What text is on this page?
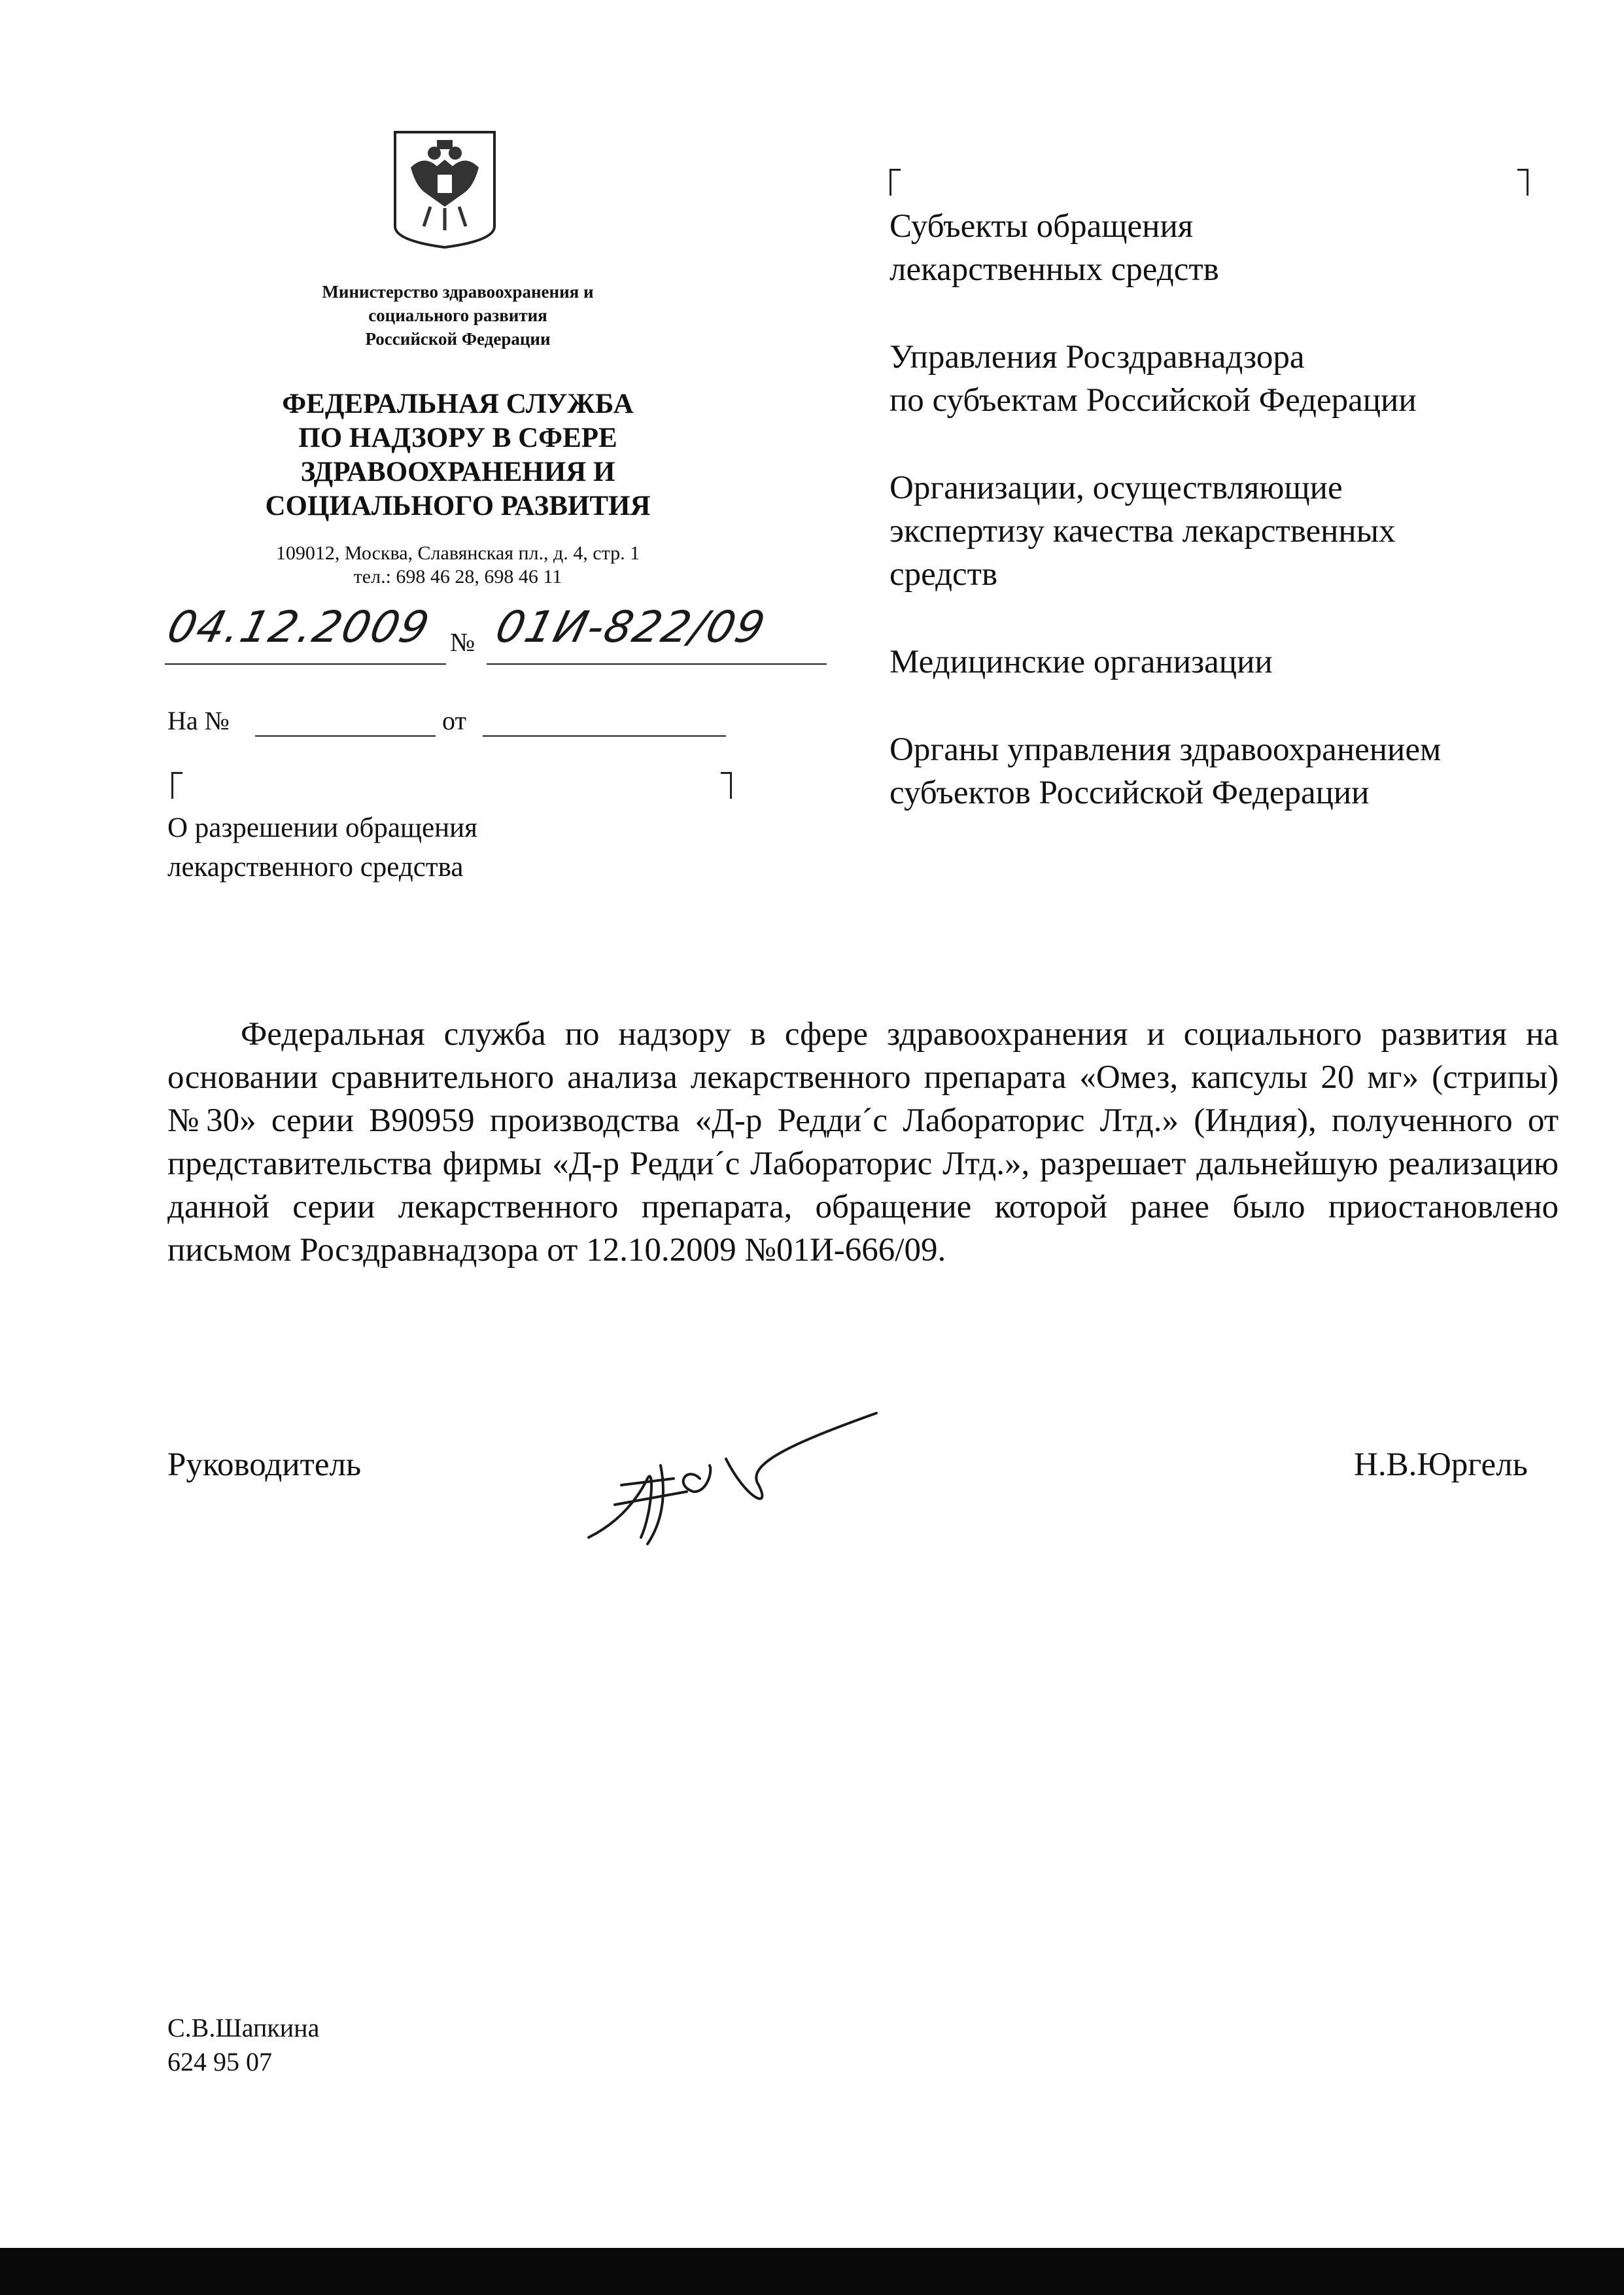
Министерство здравоохранения и
социального развития
Российской Федерации
ФЕДЕРАЛЬНАЯ СЛУЖБА
ПО НАДЗОРУ В СФЕРЕ
ЗДРАВООХРАНЕНИЯ И
СОЦИАЛЬНОГО РАЗВИТИЯ
109012, Москва, Славянская пл., д. 4, стр. 1
тел.: 698 46 28, 698 46 11
04.12.2009 № 01И-822/09
На №	от
О разрешении обращения
лекарственного средства
Субъекты обращения
лекарственных средств
Управления Росздравнадзора
по субъектам Российской Федерации
Организации, осуществляющие
экспертизу качества лекарственных
средств
Медицинские организации
Органы управления здравоохранением
субъектов Российской Федерации
Федеральная служба по надзору в сфере здравоохранения и социального развития на основании сравнительного анализа лекарственного препарата «Омез, капсулы 20 мг» (стрипы) №30» серии B90959 производства «Д-р Редди´с Лабораторис Лтд.» (Индия), полученного от представительства фирмы «Д-р Редди´с Лабораторис Лтд.», разрешает дальнейшую реализацию данной серии лекарственного препарата, обращение которой ранее было приостановлено письмом Росздравнадзора от 12.10.2009 №01И-666/09.
Руководитель	Н.В.Юргель
С.В.Шапкина
624 95 07
